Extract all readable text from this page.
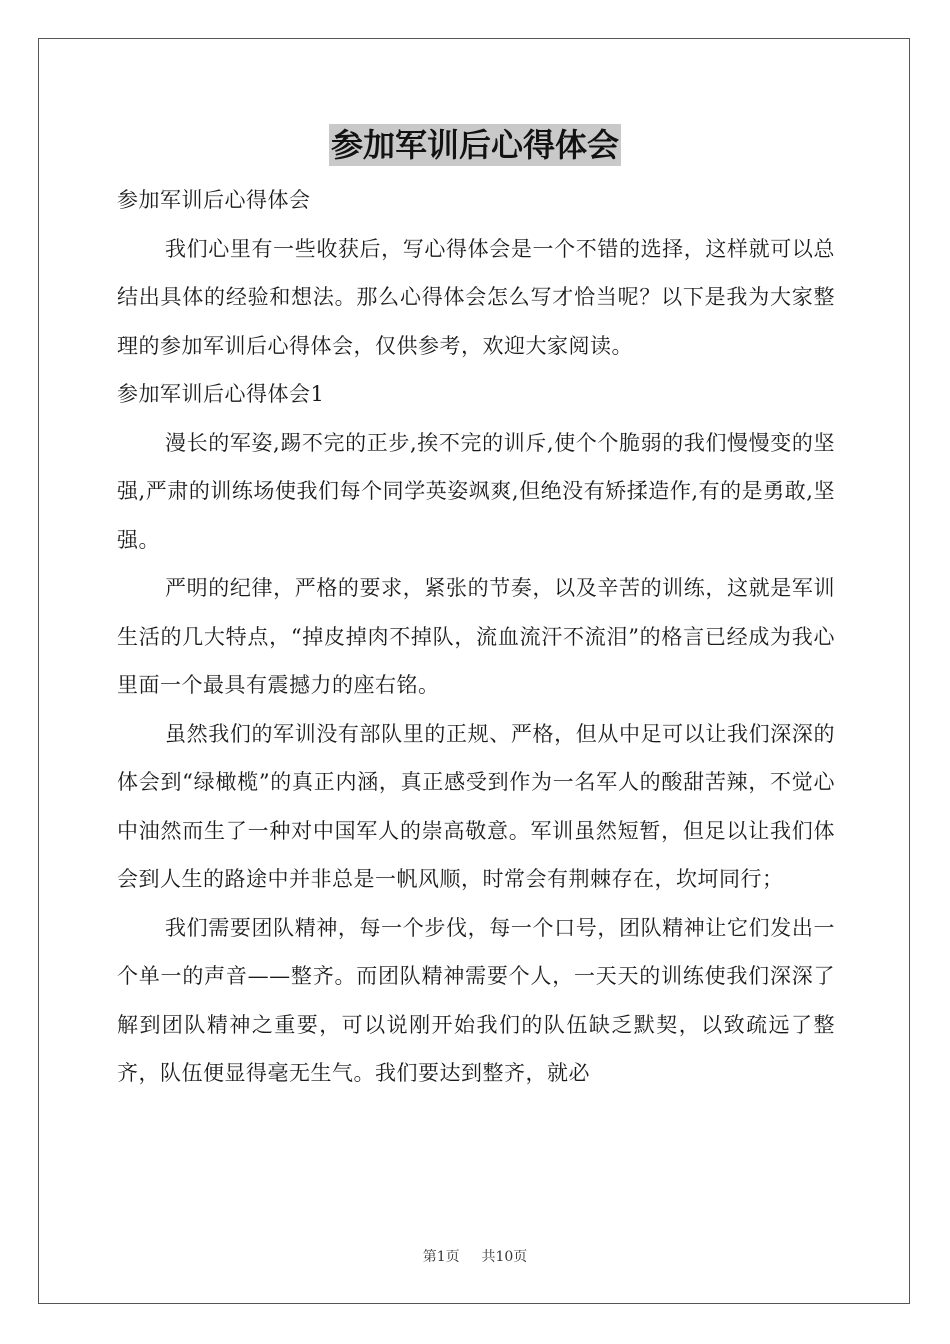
参加军训后心得体会

参加军训后心得体会

我们心里有一些收获后，写心得体会是一个不错的选择，这样就可以总结出具体的经验和想法。那么心得体会怎么写才恰当呢？以下是我为大家整理的参加军训后心得体会，仅供参考，欢迎大家阅读。

参加军训后心得体会1

漫长的军姿,踢不完的正步,挨不完的训斥,使个个脆弱的我们慢慢变的坚强,严肃的训练场使我们每个同学英姿飒爽,但绝没有矫揉造作,有的是勇敢,坚强。

严明的纪律，严格的要求，紧张的节奏，以及辛苦的训练，这就是军训生活的几大特点，“掉皮掉肉不掉队，流血流汗不流泪”的格言已经成为我心里面一个最具有震撼力的座右铭。

虽然我们的军训没有部队里的正规、严格，但从中足可以让我们深深的体会到“绿橄榄”的真正内涵，真正感受到作为一名军人的酸甜苦辣，不觉心中油然而生了一种对中国军人的崇高敬意。军训虽然短暂，但足以让我们体会到人生的路途中并非总是一帆风顺，时常会有荆棘存在，坎坷同行；

我们需要团队精神，每一个步伐，每一个口号，团队精神让它们发出一个单一的声音——整齐。而团队精神需要个人，一天天的训练使我们深深了解到团队精神之重要，可以说刚开始我们的队伍缺乏默契，以致疏远了整齐，队伍便显得毫无生气。我们要达到整齐，就必

第1页 共10页
